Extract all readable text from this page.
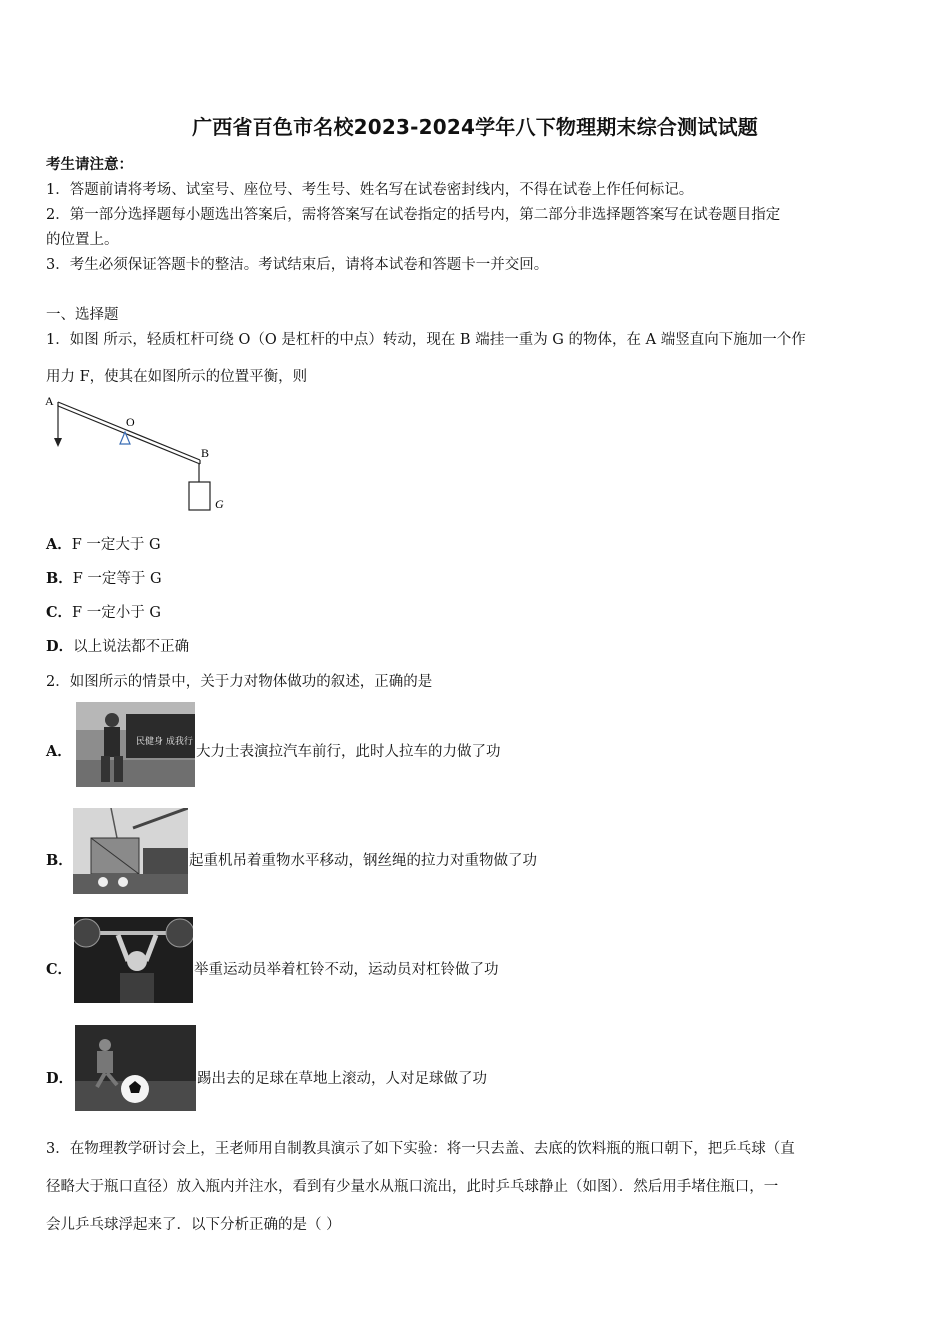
广西省百色市名校2023-2024学年八下物理期末综合测试试题
考生请注意：
1．答题前请将考场、试室号、座位号、考生号、姓名写在试卷密封线内，不得在试卷上作任何标记。
2．第一部分选择题每小题选出答案后，需将答案写在试卷指定的括号内，第二部分非选择题答案写在试卷题目指定
的位置上。
3．考生必须保证答题卡的整洁。考试结束后，请将本试卷和答题卡一并交回。
一、选择题
1．如图 所示，轻质杠杆可绕 O（O 是杠杆的中点）转动，现在 B 端挂一重为 G 的物体，在 A 端竖直向下施加一个作
用力 F，使其在如图所示的位置平衡，则
A
O
B
G
A．F 一定大于 G
B．F 一定等于 G
C．F 一定小于 G
D．以上说法都不正确
2．如图所示的情景中，关于力对物体做功的叙述，正确的是
A．
民健身 成我行
大力士表演拉汽车前行，此时人拉车的力做了功
B．	起重机吊着重物水平移动，钢丝绳的拉力对重物做了功
C．	举重运动员举着杠铃不动，运动员对杠铃做了功
D．	踢出去的足球在草地上滚动，人对足球做了功
3．在物理教学研讨会上，王老师用自制教具演示了如下实验：将一只去盖、去底的饮料瓶的瓶口朝下，把乒乓球（直
径略大于瓶口直径）放入瓶内并注水，看到有少量水从瓶口流出，此时乒乓球静止（如图）．然后用手堵住瓶口，一
会儿乒乓球浮起来了．以下分析正确的是（ ）
